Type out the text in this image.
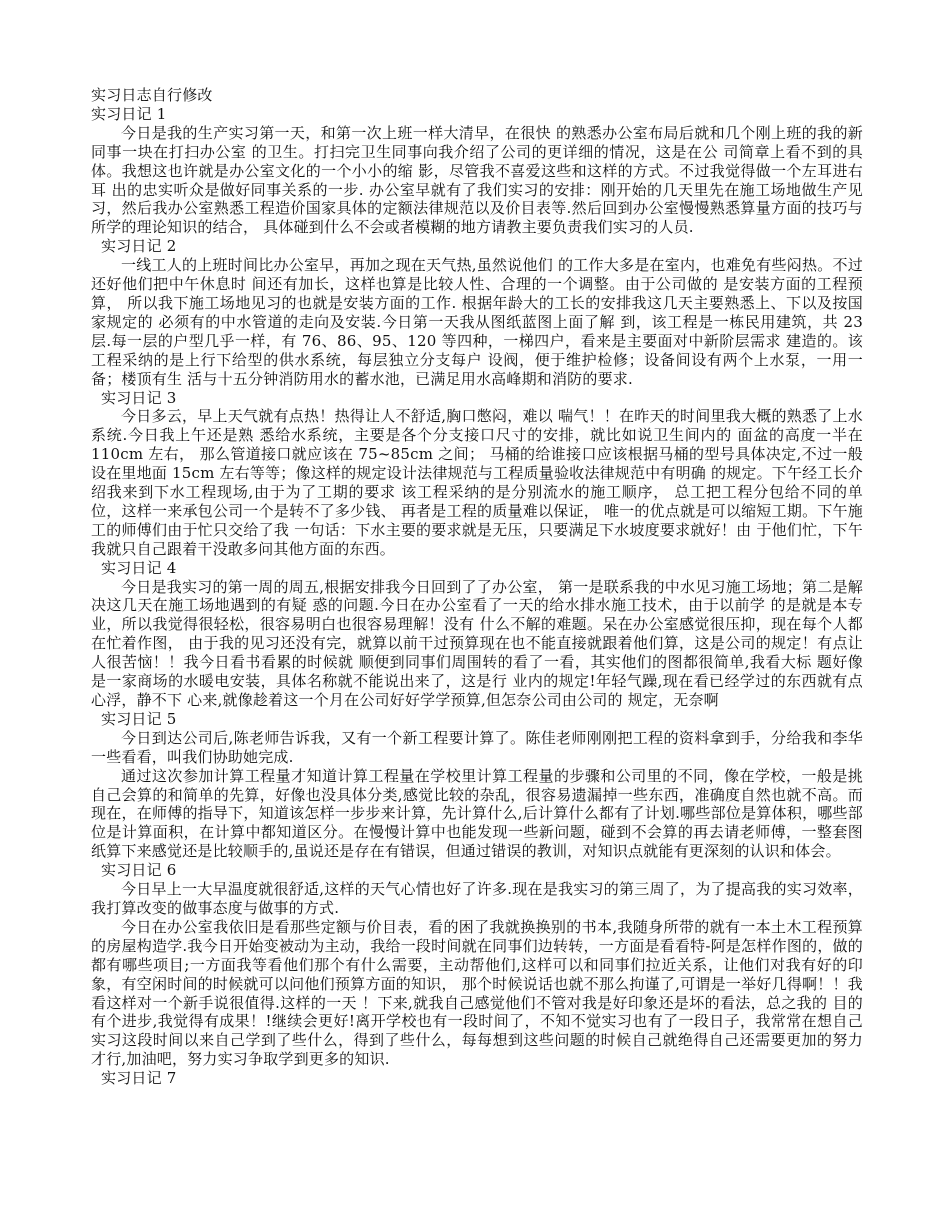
实习日志自行修改

实习日记 1

今日是我的生产实习第一天，和第一次上班一样大清早，在很快 的熟悉办公室布局后就和几个刚上班的我的新同事一块在打扫办公室 的卫生。打扫完卫生同事向我介绍了公司的更详细的情况，这是在公 司简章上看不到的具体。我想这也许就是办公室文化的一个小小的缩 影，尽管我不喜爱这些和这样的方式。不过我觉得做一个左耳进右耳 出的忠实听众是做好同事关系的一步. 办公室早就有了我们实习的安排：刚开始的几天里先在施工场地做生产见 习，然后我办公室熟悉工程造价国家具体的定额法律规范以及价目表等.然后回到办公室慢慢熟悉算量方面的技巧与所学的理论知识的结合， 具体碰到什么不会或者模糊的地方请教主要负责我们实习的人员.

实习日记 2

一线工人的上班时间比办公室早，再加之现在天气热,虽然说他们 的工作大多是在室内，也难免有些闷热。不过还好他们把中午休息时 间还有加长，这样也算是比较人性、合理的一个调整。由于公司做的 是安装方面的工程预算， 所以我下施工场地见习的也就是安装方面的工作. 根据年龄大的工长的安排我这几天主要熟悉上、下以及按国家规定的 必须有的中水管道的走向及安装.今日第一天我从图纸蓝图上面了解 到，该工程是一栋民用建筑，共 23 层.每一层的户型几乎一样，有 76、86、95、120 等四种，一梯四户，看来是主要面对中新阶层需求 建造的。该工程采纳的是上行下给型的供水系统，每层独立分支每户 设阀，便于维护检修；设备间设有两个上水泵，一用一备；楼顶有生 活与十五分钟消防用水的蓄水池，已满足用水高峰期和消防的要求.

实习日记 3

今日多云，早上天气就有点热！热得让人不舒适,胸口憋闷，难以 喘气！！在昨天的时间里我大概的熟悉了上水系统.今日我上午还是熟 悉给水系统，主要是各个分支接口尺寸的安排，就比如说卫生间内的 面盆的高度一半在 110cm 左右， 那么管道接口就应该在 75~85cm 之间； 马桶的给谁接口应该根据马桶的型号具体决定,不过一般设在里地面 15cm 左右等等；像这样的规定设计法律规范与工程质量验收法律规范中有明确 的规定。下午经工长介绍我来到下水工程现场,由于为了工期的要求 该工程采纳的是分别流水的施工顺序， 总工把工程分包给不同的单位，这样一来承包公司一个是转不了多少钱、 再者是工程的质量难以保证， 唯一的优点就是可以缩短工期。下午施工的师傅们由于忙只交给了我 一句话：下水主要的要求就是无压，只要满足下水坡度要求就好！由 于他们忙，下午我就只自己跟着干没敢多问其他方面的东西。

实习日记 4

今日是我实习的第一周的周五,根据安排我今日回到了了办公室， 第一是联系我的中水见习施工场地；第二是解决这几天在施工场地遇到的有疑 惑的问题.今日在办公室看了一天的给水排水施工技术，由于以前学 的是就是本专业，所以我觉得很轻松，很容易明白也很容易理解！没有 什么不解的难题。呆在办公室感觉很压抑，现在每个人都在忙着作图， 由于我的见习还没有完，就算以前干过预算现在也不能直接就跟着他们算，这是公司的规定！有点让人很苦恼！！我今日看书看累的时候就 顺便到同事们周围转的看了一看，其实他们的图都很简单,我看大标 题好像是一家商场的水暖电安装，具体名称就不能说出来了，这是行 业内的规定!年轻气躁,现在看已经学过的东西就有点心浮，静不下 心来,就像趁着这一个月在公司好好学学预算,但怎奈公司由公司的 规定，无奈啊

实习日记 5

今日到达公司后,陈老师告诉我，又有一个新工程要计算了。陈佳老师刚刚把工程的资料拿到手，分给我和李华一些看看，叫我们协助她完成.

通过这次参加计算工程量才知道计算工程量在学校里计算工程量的步骤和公司里的不同，像在学校，一般是挑自己会算的和简单的先算，好像也没具体分类,感觉比较的杂乱，很容易遗漏掉一些东西，准确度自然也就不高。而现在，在师傅的指导下，知道该怎样一步步来计算，先计算什么,后计算什么都有了计划.哪些部位是算体积，哪些部位是计算面积，在计算中都知道区分。在慢慢计算中也能发现一些新问题，碰到不会算的再去请老师傅，一整套图纸算下来感觉还是比较顺手的,虽说还是存在有错误，但通过错误的教训，对知识点就能有更深刻的认识和体会。

实习日记 6

今日早上一大早温度就很舒适,这样的天气心情也好了许多.现在是我实习的第三周了，为了提高我的实习效率，我打算改变的做事态度与做事的方式.

今日在办公室我依旧是看那些定额与价目表，看的困了我就换换别的书本,我随身所带的就有一本土木工程预算的房屋构造学.我今日开始变被动为主动，我给一段时间就在同事们边转转，一方面是看看特-阿是怎样作图的，做的都有哪些项目;一方面我等看他们那个有什么需要，主动帮他们,这样可以和同事们拉近关系，让他们对我有好的印象，有空闲时间的时候就可以问他们预算方面的知识， 那个时候说话也就不那么拘谨了,可谓是一举好几得啊！！我看这样对一个新手说很值得.这样的一天 ！下来,就我自己感觉他们不管对我是好印象还是坏的看法，总之我的 目的有个进步,我觉得有成果！!继续会更好!离开学校也有一段时间了，不知不觉实习也有了一段日子，我常常在想自己实习这段时间以来自己学到了些什么，得到了些什么，每每想到这些问题的时候自己就绝得自己还需要更加的努力才行,加油吧，努力实习争取学到更多的知识.

实习日记 7
